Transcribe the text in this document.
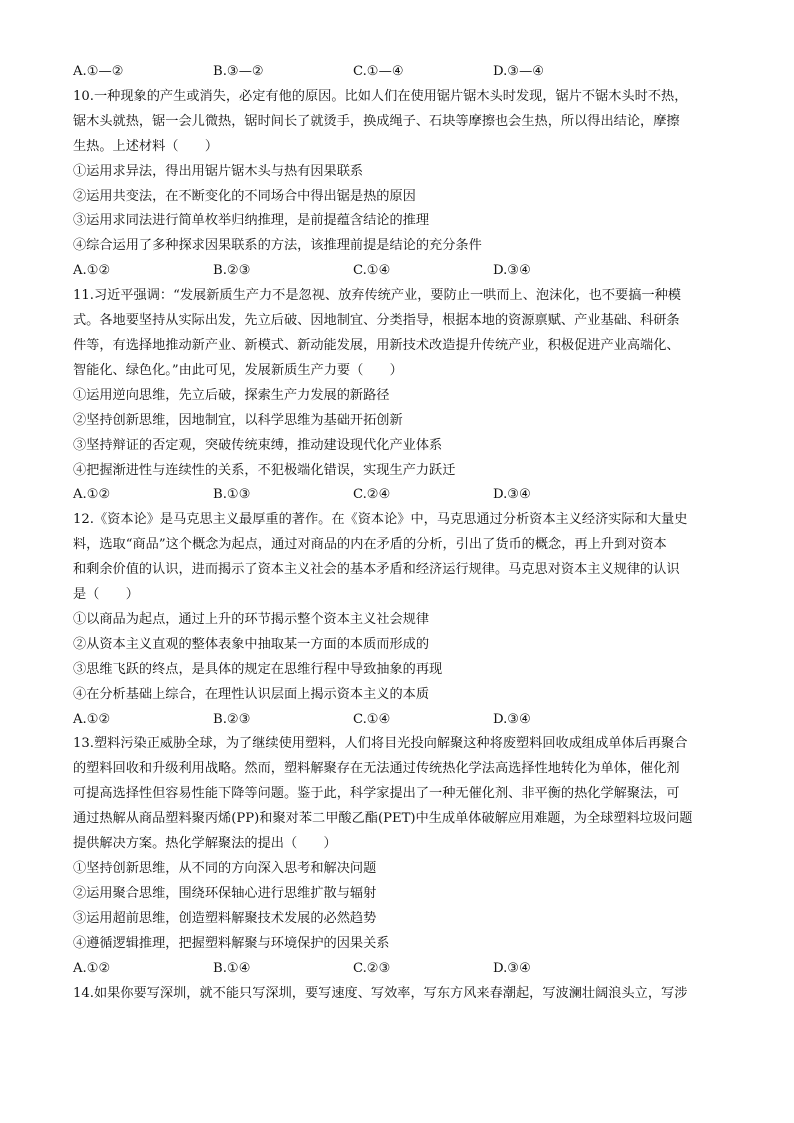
A.①—②	B.③—②	C.①—④	D.③—④
10.一种现象的产生或消失，必定有他的原因。比如人们在使用锯片锯木头时发现，锯片不锯木头时不热，
锯木头就热，锯一会儿微热，锯时间长了就烫手，换成绳子、石块等摩擦也会生热，所以得出结论，摩擦
生热。上述材料（　　）
①运用求异法，得出用锯片锯木头与热有因果联系
②运用共变法，在不断变化的不同场合中得出锯是热的原因
③运用求同法进行简单枚举归纳推理，是前提蕴含结论的推理
④综合运用了多种探求因果联系的方法，该推理前提是结论的充分条件
A.①②	B.②③	C.①④	D.③④
11.习近平强调：“发展新质生产力不是忽视、放弃传统产业，要防止一哄而上、泡沫化，也不要搞一种模
式。各地要坚持从实际出发，先立后破、因地制宜、分类指导，根据本地的资源禀赋、产业基础、科研条
件等，有选择地推动新产业、新模式、新动能发展，用新技术改造提升传统产业，积极促进产业高端化、
智能化、绿色化。”由此可见，发展新质生产力要（　　）
①运用逆向思维，先立后破，探索生产力发展的新路径
②坚持创新思维，因地制宜，以科学思维为基础开拓创新
③坚持辩证的否定观，突破传统束缚，推动建设现代化产业体系
④把握渐进性与连续性的关系，不犯极端化错误，实现生产力跃迁
A.①②	B.①③	C.②④	D.③④
12.《资本论》是马克思主义最厚重的著作。在《资本论》中，马克思通过分析资本主义经济实际和大量史
料，选取“商品”这个概念为起点，通过对商品的内在矛盾的分析，引出了货币的概念，再上升到对资本
和剩余价值的认识，进而揭示了资本主义社会的基本矛盾和经济运行规律。马克思对资本主义规律的认识
是（　　）
①以商品为起点，通过上升的环节揭示整个资本主义社会规律
②从资本主义直观的整体表象中抽取某一方面的本质而形成的
③思维飞跃的终点，是具体的规定在思维行程中导致抽象的再现
④在分析基础上综合，在理性认识层面上揭示资本主义的本质
A.①②	B.②③	C.①④	D.③④
13.塑料污染正威胁全球，为了继续使用塑料，人们将目光投向解聚这种将废塑料回收成组成单体后再聚合
的塑料回收和升级利用战略。然而，塑料解聚存在无法通过传统热化学法高选择性地转化为单体，催化剂
可提高选择性但容易性能下降等问题。鉴于此，科学家提出了一种无催化剂、非平衡的热化学解聚法，可
通过热解从商品塑料聚丙烯(PP)和聚对苯二甲酸乙酯(PET)中生成单体破解应用难题，为全球塑料垃圾问题
提供解决方案。热化学解聚法的提出（　　）
①坚持创新思维，从不同的方向深入思考和解决问题
②运用聚合思维，围绕环保轴心进行思维扩散与辐射
③运用超前思维，创造塑料解聚技术发展的必然趋势
④遵循逻辑推理，把握塑料解聚与环境保护的因果关系
A.①②	B.①④	C.②③	D.③④
14.如果你要写深圳，就不能只写深圳，要写速度、写效率，写东方风来春潮起，写波澜壮阔浪头立，写涉
